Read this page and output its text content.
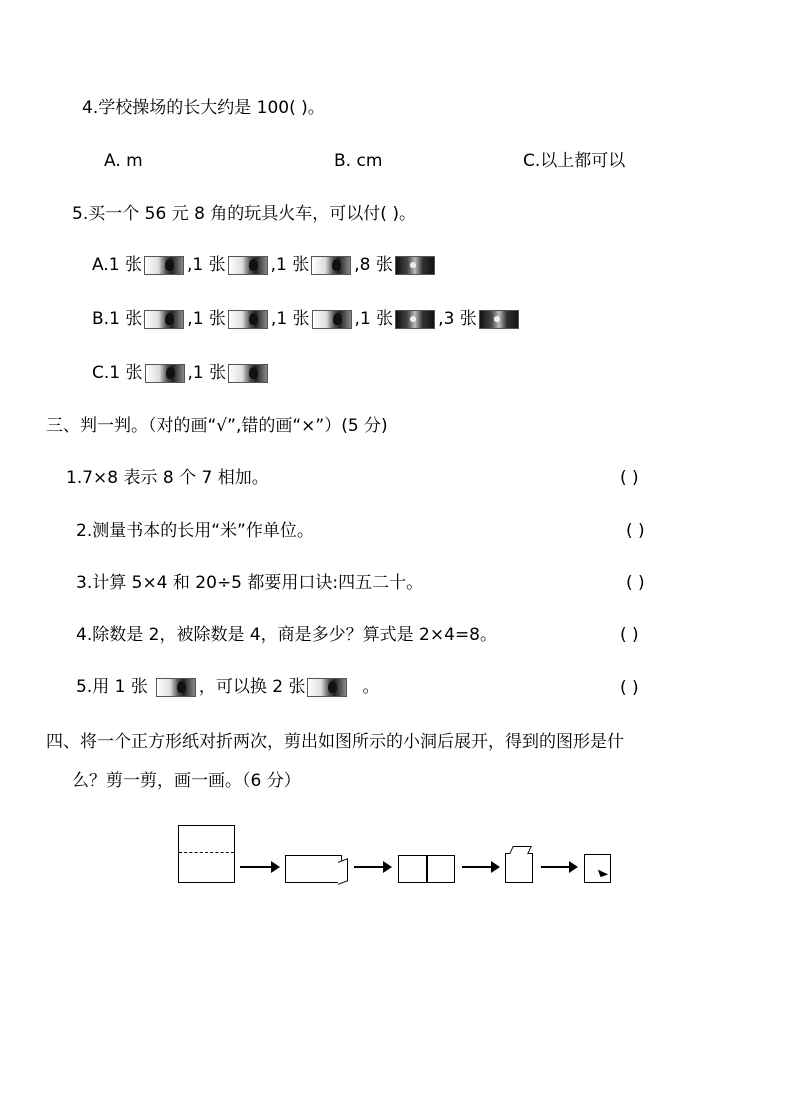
4.学校操场的长大约是 100( )。
A. m	B. cm	C.以上都可以
5.买一个 56 元 8 角的玩具火车，可以付( )。
A.1 张	,1 张	,1 张	,8 张
B.1 张	,1 张	,1 张	,1 张	,3 张
C.1 张	,1 张
三、判一判。（对的画“√”,错的画“×”）(5 分)
1.7×8 表示 8 个 7 相加。	( )
2.测量书本的长用“米”作单位。	( )
3.计算 5×4 和 20÷5 都要用口诀:四五二十。	( )
4.除数是 2，被除数是 4，商是多少？算式是 2×4=8。	( )
5.用 1 张	，可以换 2 张	。	( )
四、将一个正方形纸对折两次，剪出如图所示的小洞后展开，得到的图形是什
么？剪一剪，画一画。（6 分）
